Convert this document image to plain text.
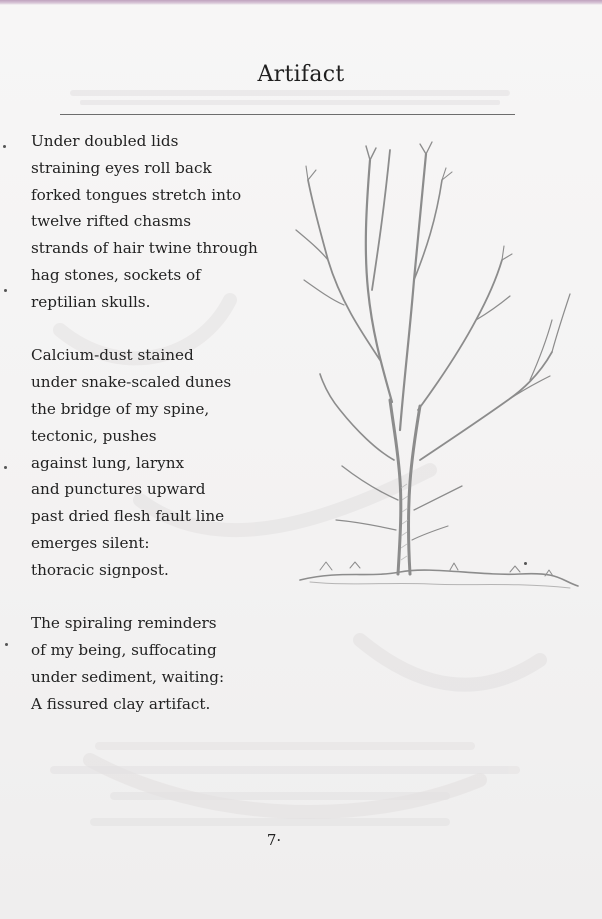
Artifact
Under doubled lids
straining eyes roll back
forked tongues stretch into
twelve rifted chasms
strands of hair twine through
hag stones, sockets of
reptilian skulls.
Calcium-dust stained
under snake-scaled dunes
the bridge of my spine,
tectonic, pushes
against lung, larynx
and punctures upward
past dried flesh fault line
emerges silent:
thoracic signpost.
The spiraling reminders
of my being, suffocating
under sediment, waiting:
A fissured clay artifact.
7·
